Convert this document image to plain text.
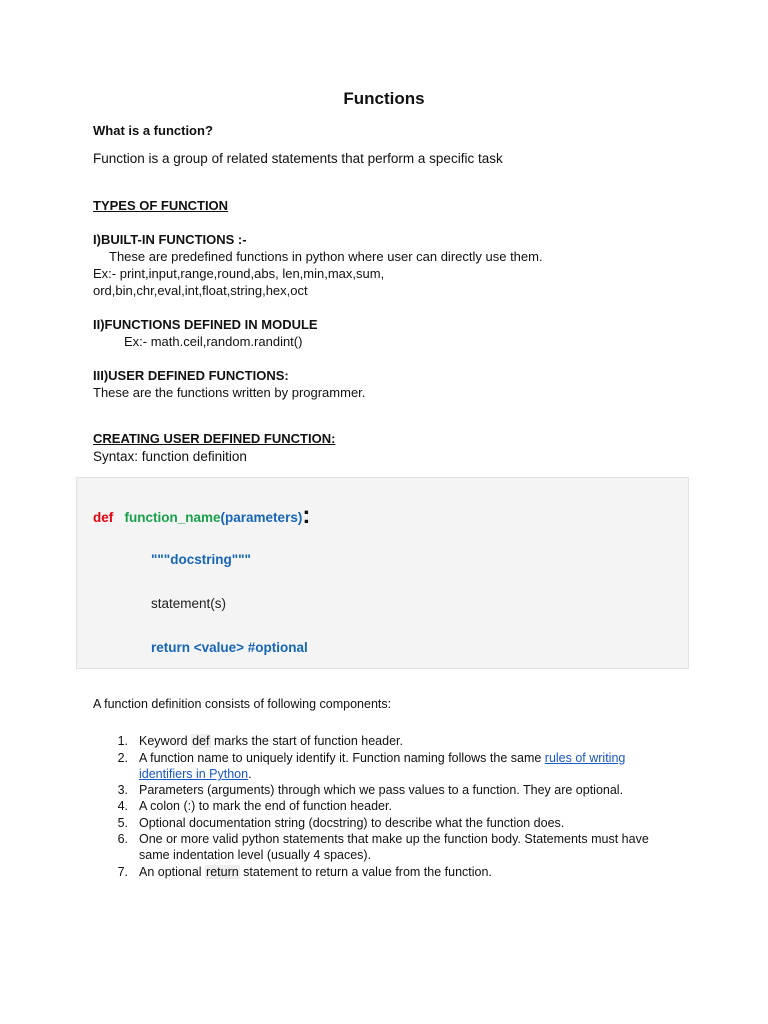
Functions
What is a function?
Function is a group of related statements that perform a specific task
TYPES OF FUNCTION
I)BUILT-IN FUNCTIONS :-
These are predefined functions in python where user can directly use them.
Ex:- print,input,range,round,abs, len,min,max,sum,
ord,bin,chr,eval,int,float,string,hex,oct
II)FUNCTIONS DEFINED IN MODULE
Ex:- math.ceil,random.randint()
III)USER DEFINED FUNCTIONS:
These are the functions written by programmer.
CREATING USER DEFINED FUNCTION:
Syntax: function definition
def function_name(parameters):
"""docstring"""
statement(s)
return <value> #optional
A function definition consists of following components:
1. Keyword def marks the start of function header.
2. A function name to uniquely identify it. Function naming follows the same rules of writing
identifiers in Python.
3. Parameters (arguments) through which we pass values to a function. They are optional.
4. A colon (:) to mark the end of function header.
5. Optional documentation string (docstring) to describe what the function does.
6. One or more valid python statements that make up the function body. Statements must have
same indentation level (usually 4 spaces).
7. An optional return statement to return a value from the function.
